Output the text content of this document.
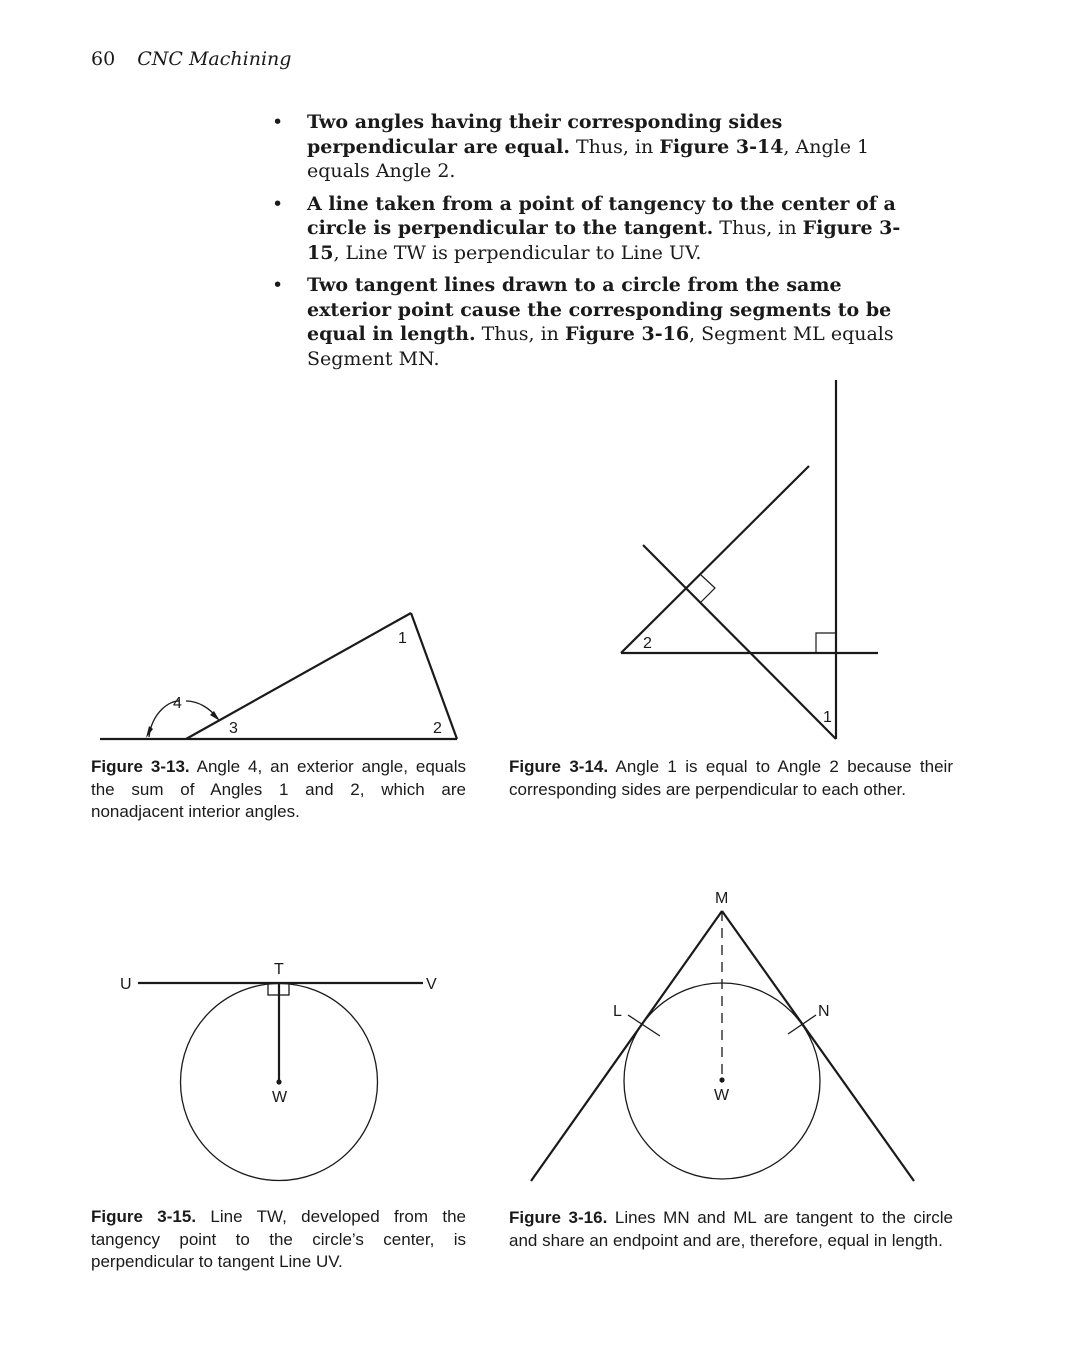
60 CNC Machining
• Two angles having their corresponding sides perpendicular are equal. Thus, in Figure 3-14, Angle 1 equals Angle 2.
• A line taken from a point of tangency to the center of a circle is perpendicular to the tangent. Thus, in Figure 3-15, Line TW is perpendicular to Line UV.
• Two tangent lines drawn to a circle from the same exterior point cause the corresponding segments to be equal in length. Thus, in Figure 3-16, Segment ML equals Segment MN.
1
2
3
4
2
1
U	V
T
W
M
L	N
W
Figure 3-13. Angle 4, an exterior angle, equals the sum of Angles 1 and 2, which are nonadjacent interior angles.
Figure 3-14. Angle 1 is equal to Angle 2 because their corresponding sides are perpendicular to each other.
Figure 3-15. Line TW, developed from the tangency point to the circle’s center, is perpendicular to tangent Line UV.
Figure 3-16. Lines MN and ML are tangent to the circle and share an endpoint and are, therefore, equal in length.
